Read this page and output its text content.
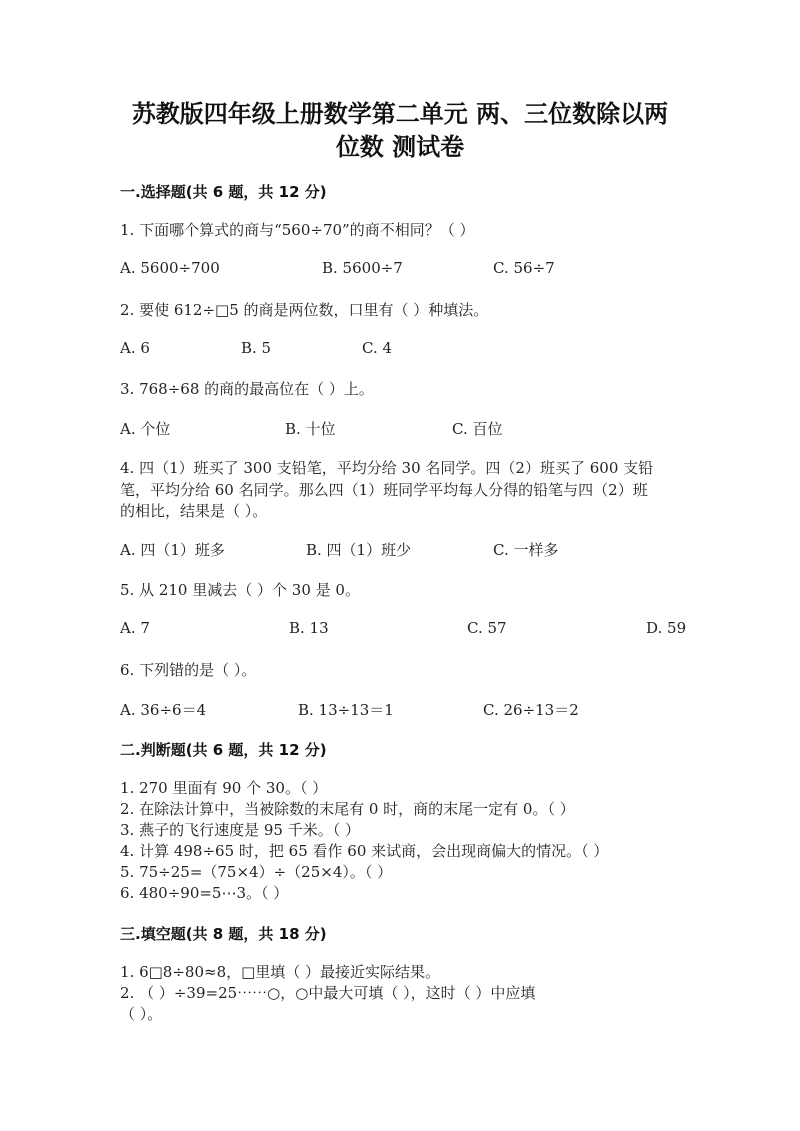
苏教版四年级上册数学第二单元 两、三位数除以两
位数 测试卷
一.选择题(共 6 题，共 12 分)
1. 下面哪个算式的商与“560÷70”的商不相同？（ ）
A. 5600÷700	B. 5600÷7	C. 56÷7
2. 要使 612÷□5 的商是两位数，口里有（ ）种填法。
A. 6	B. 5	C. 4
3. 768÷68 的商的最高位在（ ）上。
A. 个位	B. 十位	C. 百位
4. 四（1）班买了 300 支铅笔，平均分给 30 名同学。四（2）班买了 600 支铅
笔，平均分给 60 名同学。那么四（1）班同学平均每人分得的铅笔与四（2）班
的相比，结果是（ ）。
A. 四（1）班多	B. 四（1）班少	C. 一样多
5. 从 210 里减去（ ）个 30 是 0。
A. 7	B. 13	C. 57	D. 59
6. 下列错的是（ ）。
A. 36÷6＝4	B. 13÷13＝1	C. 26÷13＝2
二.判断题(共 6 题，共 12 分)
1. 270 里面有 90 个 30。（ ）
2. 在除法计算中，当被除数的末尾有 0 时，商的末尾一定有 0。（ ）
3. 燕子的飞行速度是 95 千米。（ ）
4. 计算 498÷65 时，把 65 看作 60 来试商，会出现商偏大的情况。（ ）
5. 75÷25=（75×4）÷（25×4）。（ ）
6. 480÷90=5⋯3。（ ）
三.填空题(共 8 题，共 18 分)
1. 6□8÷80≈8，□里填（ ）最接近实际结果。
2. （ ）÷39=25⋯⋯○，○中最大可填（ ），这时（ ）中应填
（ ）。
